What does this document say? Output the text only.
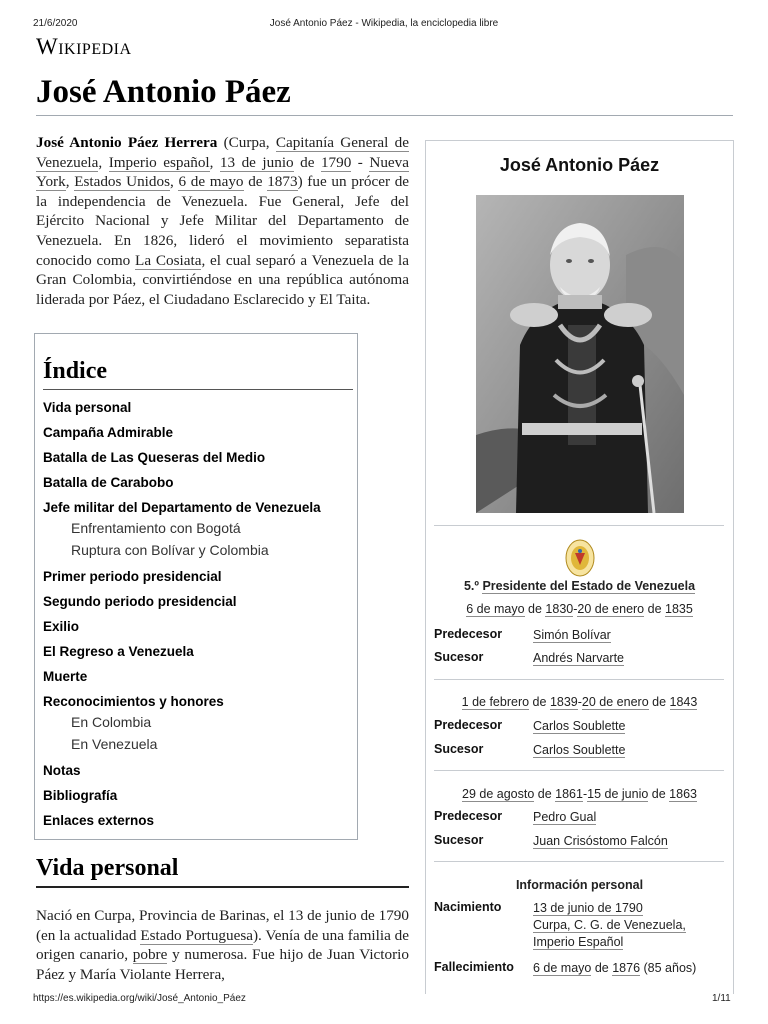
21/6/2020	José Antonio Páez - Wikipedia, la enciclopedia libre
Wikipedia
José Antonio Páez
José Antonio Páez Herrera (Curpa, Capitanía General de Venezuela, Imperio español, 13 de junio de 1790 - Nueva York, Estados Unidos, 6 de mayo de 1873) fue un prócer de la independencia de Venezuela. Fue General, Jefe del Ejército Nacional y Jefe Militar del Departamento de Venezuela. En 1826, lideró el movimiento separatista conocido como La Cosiata, el cual separó a Venezuela de la Gran Colombia, convirtiéndose en una república autónoma liderada por Páez, el Ciudadano Esclarecido y El Taita.
Índice
Vida personal
Campaña Admirable
Batalla de Las Queseras del Medio
Batalla de Carabobo
Jefe militar del Departamento de Venezuela
Enfrentamiento con Bogotá
Ruptura con Bolívar y Colombia
Primer periodo presidencial
Segundo periodo presidencial
Exilio
El Regreso a Venezuela
Muerte
Reconocimientos y honores
En Colombia
En Venezuela
Notas
Bibliografía
Enlaces externos
Vida personal
Nació en Curpa, Provincia de Barinas, el 13 de junio de 1790 (en la actualidad Estado Portuguesa). Venía de una familia de origen canario, pobre y numerosa. Fue hijo de Juan Victorio Páez y María Violante Herrera,
José Antonio Páez
5.º Presidente del Estado de Venezuela
6 de mayo de 1830-20 de enero de 1835
Predecesor Simón Bolívar
Sucesor	Andrés Narvarte
1 de febrero de 1839-20 de enero de 1843
Predecesor Carlos Soublette
Sucesor	Carlos Soublette
29 de agosto de 1861-15 de junio de 1863
Predecesor Pedro Gual
Sucesor	Juan Crisóstomo Falcón
Información personal
Nacimiento	13 de junio de 1790
Curpa, C. G. de Venezuela,
Imperio Español
Fallecimiento 6 de mayo de 1876 (85 años)
https://es.wikipedia.org/wiki/José_Antonio_Páez	1/11
